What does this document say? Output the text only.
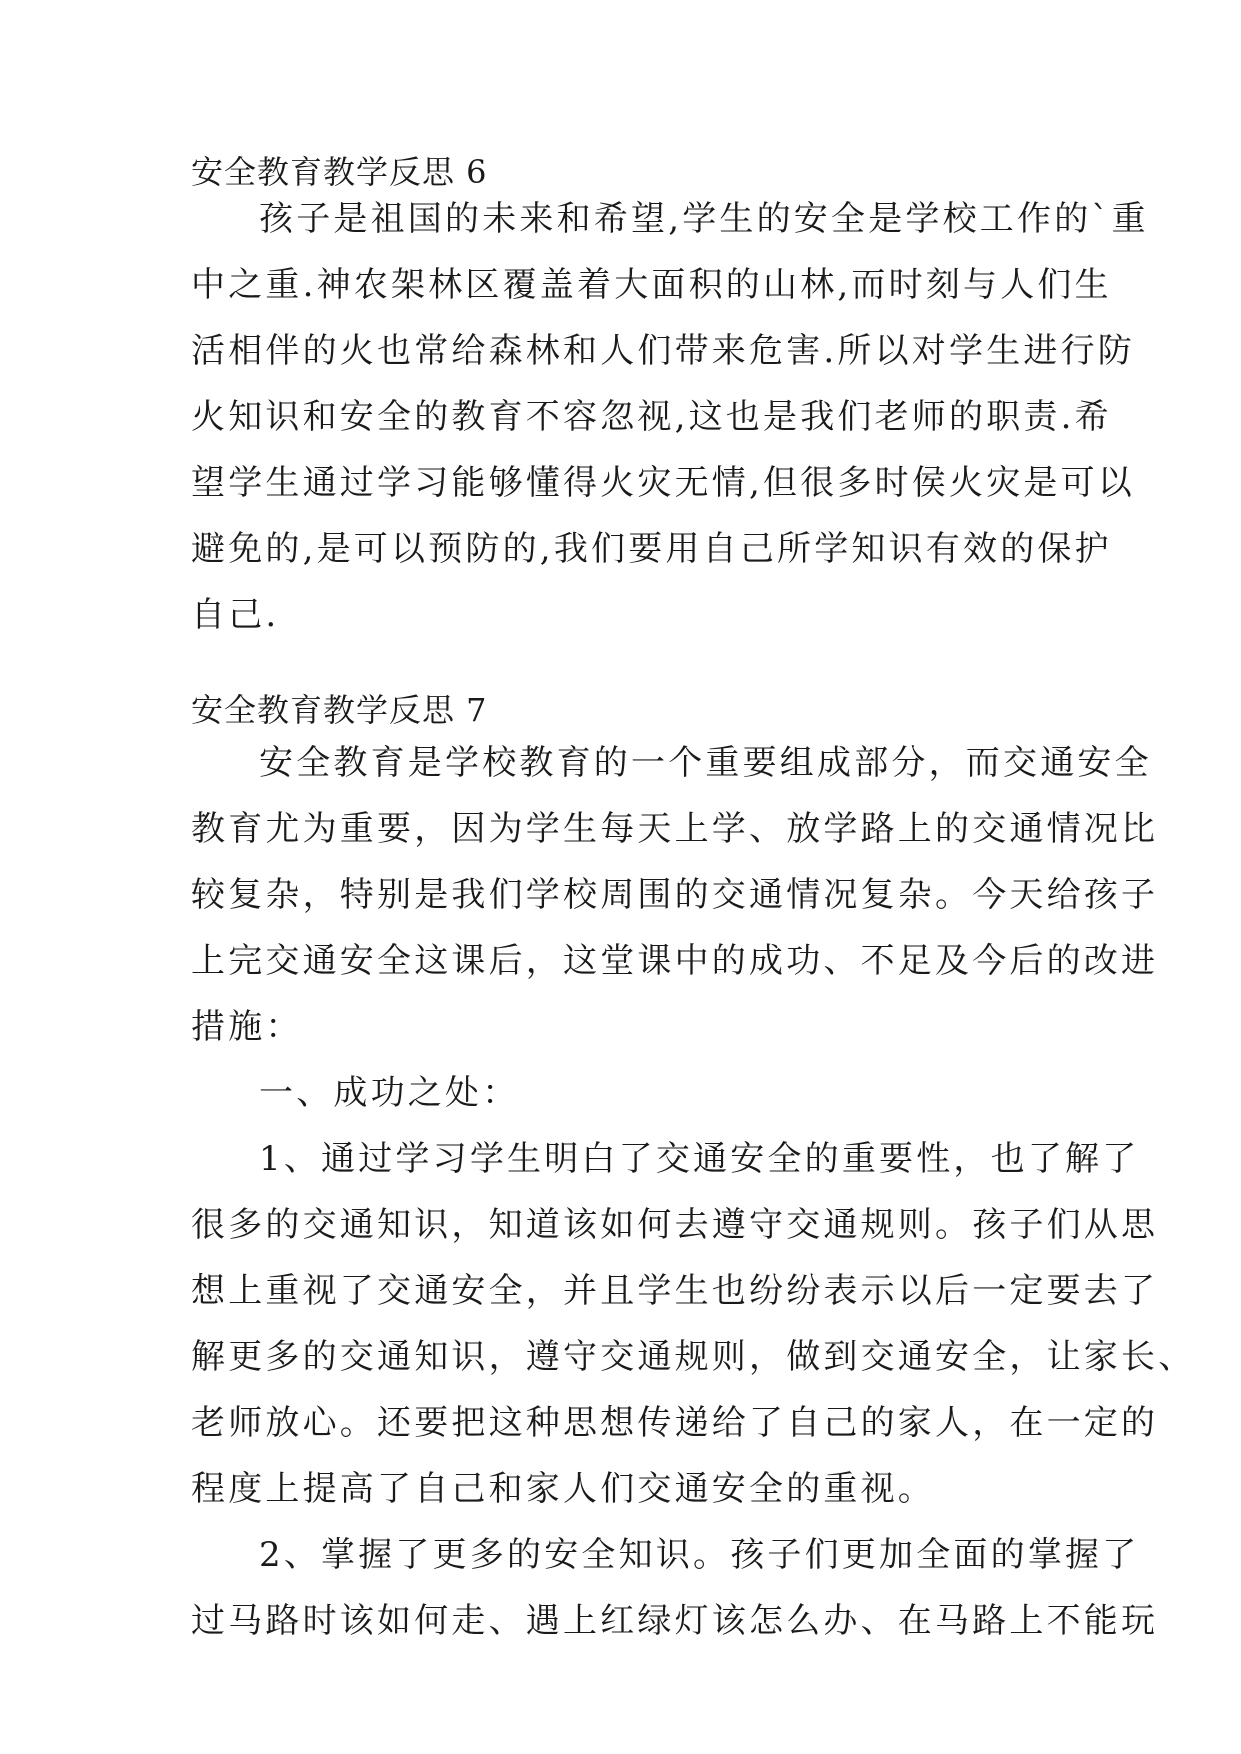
安全教育教学反思 6
孩子是祖国的未来和希望,学生的安全是学校工作的`重
中之重.神农架林区覆盖着大面积的山林,而时刻与人们生
活相伴的火也常给森林和人们带来危害.所以对学生进行防
火知识和安全的教育不容忽视,这也是我们老师的职责.希
望学生通过学习能够懂得火灾无情,但很多时侯火灾是可以
避免的,是可以预防的,我们要用自己所学知识有效的保护
自己.
安全教育教学反思 7
安全教育是学校教育的一个重要组成部分，而交通安全
教育尤为重要，因为学生每天上学、放学路上的交通情况比
较复杂，特别是我们学校周围的交通情况复杂。今天给孩子
上完交通安全这课后，这堂课中的成功、不足及今后的改进
措施：
一、成功之处：
1、通过学习学生明白了交通安全的重要性，也了解了
很多的交通知识，知道该如何去遵守交通规则。孩子们从思
想上重视了交通安全，并且学生也纷纷表示以后一定要去了
解更多的交通知识，遵守交通规则，做到交通安全，让家长、
老师放心。还要把这种思想传递给了自己的家人，在一定的
程度上提高了自己和家人们交通安全的重视。
2、掌握了更多的安全知识。孩子们更加全面的掌握了
过马路时该如何走、遇上红绿灯该怎么办、在马路上不能玩
